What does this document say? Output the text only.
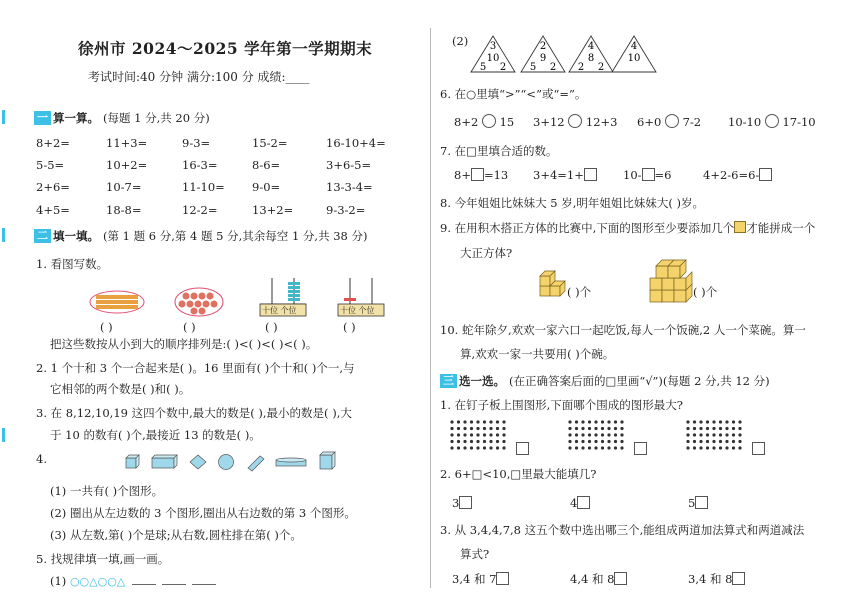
徐州市 2024～2025 学年第一学期期末
考试时间:40 分钟 满分:100 分 成绩:____
一 算一算。 (每题 1 分,共 20 分)
8+2=	11+3=	9-3=	15-2=	16-10+4=
5-5=	10+2=	16-3=	8-6=	3+6-5=
2+6=	10-7=	11-10= 9-0=	13-3-4=
4+5=	18-8=	12-2=	13+2=	9-3-2=
二 填一填。 (第 1 题 6 分,第 4 题 5 分,其余每空 1 分,共 38 分)
1. 看图写数。
十位 个位	十位 个位
( )	( )	( )	( )
把这些数按从小到大的顺序排列是:( )<( )<( )<( )。
2. 1 个十和 3 个一合起来是( )。16 里面有( )个十和( )个一,与
它相邻的两个数是( )和( )。
3. 在 8,12,10,19 这四个数中,最大的数是( ),最小的数是( ),大
于 10 的数有( )个,最接近 13 的数是( )。
4.
(1) 一共有( )个图形。
(2) 圈出从左边数的 3 个图形,圈出从右边数的第 3 个图形。
(3) 从左数,第( )个是球;从右数,圆柱排在第( )个。
5. 找规律填一填,画一画。
(1) ○○△○○△
(2) 3
10
5 2
2
9
5 2
4
8
2 2
4
10
6. 在○里填“>”“<”或“=”。
8+2 15 3+12 12+3 6+0 7-2 10-10 17-10
7. 在□里填合适的数。
8+ =13 3+4=1+	10- =6	4+2-6=6-
8. 今年姐姐比妹妹大 5 岁,明年姐姐比妹妹大( )岁。
9. 在用积木搭正方体的比赛中,下面的图形至少要添加几个 才能拼成一个
大正方体?
( )个	( )个
10. 蛇年除夕,欢欢一家六口一起吃饭,每人一个饭碗,2 人一个菜碗。算一
算,欢欢一家一共要用( )个碗。
三 选一选。 (在正确答案后面的□里画“√”)(每题 2 分,共 12 分)
1. 在钉子板上围图形,下面哪个围成的图形最大?
2. 6+□<10,□里最大能填几?
3	4	5
3. 从 3,4,4,7,8 这五个数中选出哪三个,能组成两道加法算式和两道减法
算式?
3,4 和 7	4,4 和 8	3,4 和 8
